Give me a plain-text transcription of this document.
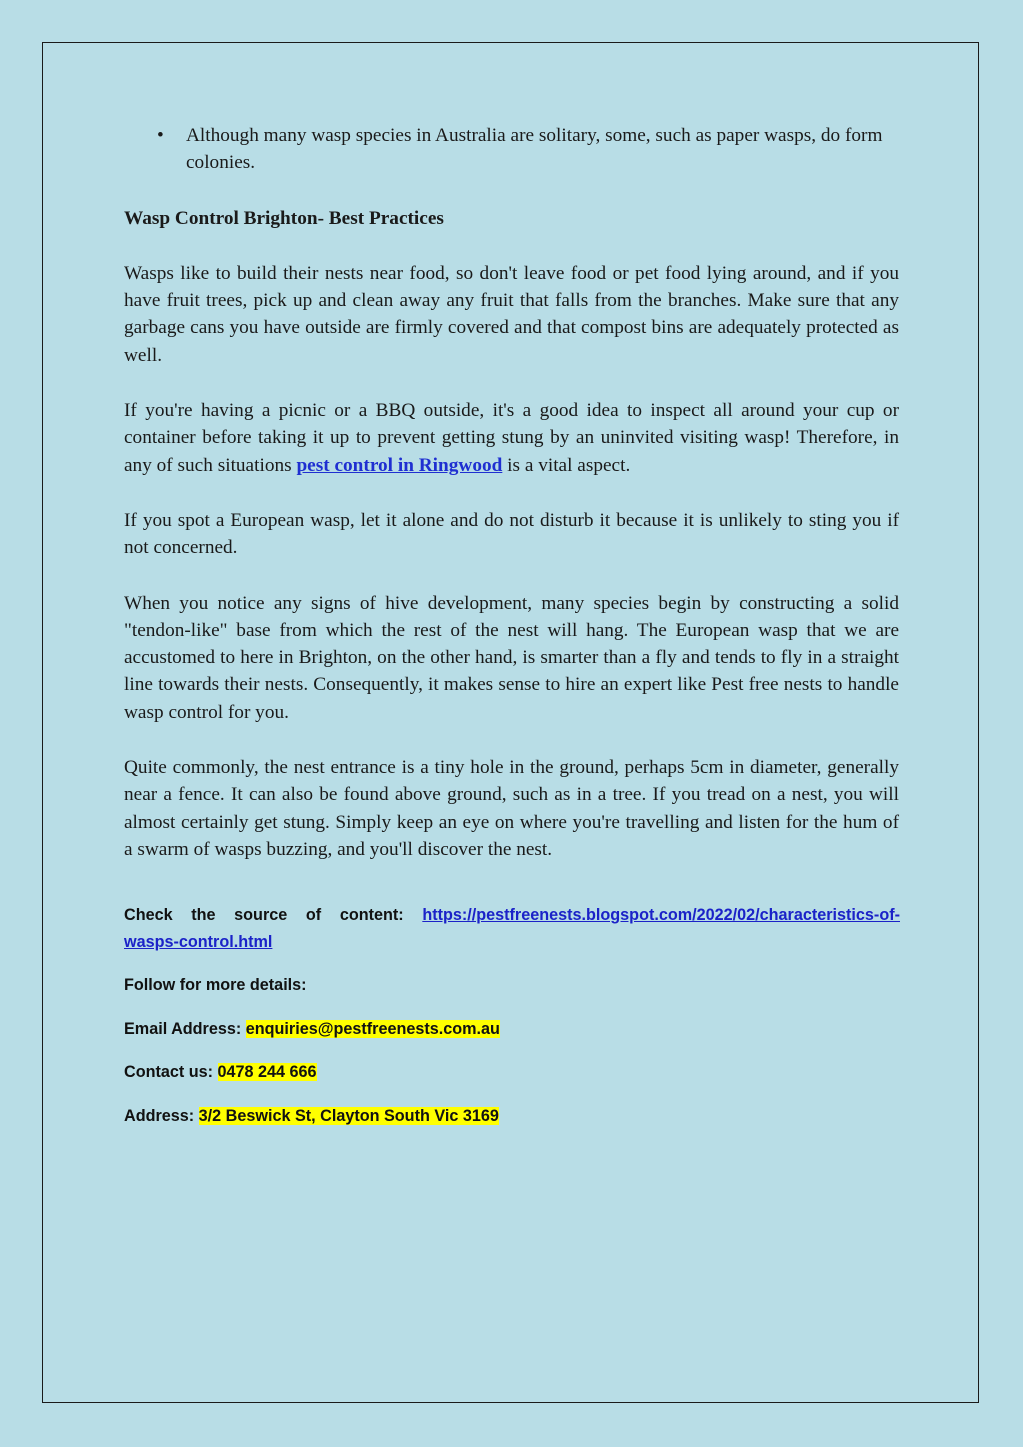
• Although many wasp species in Australia are solitary, some, such as paper wasps, do form colonies.

Wasp Control Brighton- Best Practices

Wasps like to build their nests near food, so don't leave food or pet food lying around, and if you have fruit trees, pick up and clean away any fruit that falls from the branches. Make sure that any garbage cans you have outside are firmly covered and that compost bins are adequately protected as well.

If you're having a picnic or a BBQ outside, it's a good idea to inspect all around your cup or container before taking it up to prevent getting stung by an uninvited visiting wasp! Therefore, in any of such situations pest control in Ringwood is a vital aspect.

If you spot a European wasp, let it alone and do not disturb it because it is unlikely to sting you if not concerned.

When you notice any signs of hive development, many species begin by constructing a solid "tendon-like" base from which the rest of the nest will hang. The European wasp that we are accustomed to here in Brighton, on the other hand, is smarter than a fly and tends to fly in a straight line towards their nests. Consequently, it makes sense to hire an expert like Pest free nests to handle wasp control for you.

Quite commonly, the nest entrance is a tiny hole in the ground, perhaps 5cm in diameter, generally near a fence. It can also be found above ground, such as in a tree. If you tread on a nest, you will almost certainly get stung. Simply keep an eye on where you're travelling and listen for the hum of a swarm of wasps buzzing, and you'll discover the nest.

Check the source of content: https://pestfreenests.blogspot.com/2022/02/characteristics-of-wasps-control.html

Follow for more details:

Email Address: enquiries@pestfreenests.com.au

Contact us: 0478 244 666

Address: 3/2 Beswick St, Clayton South Vic 3169
